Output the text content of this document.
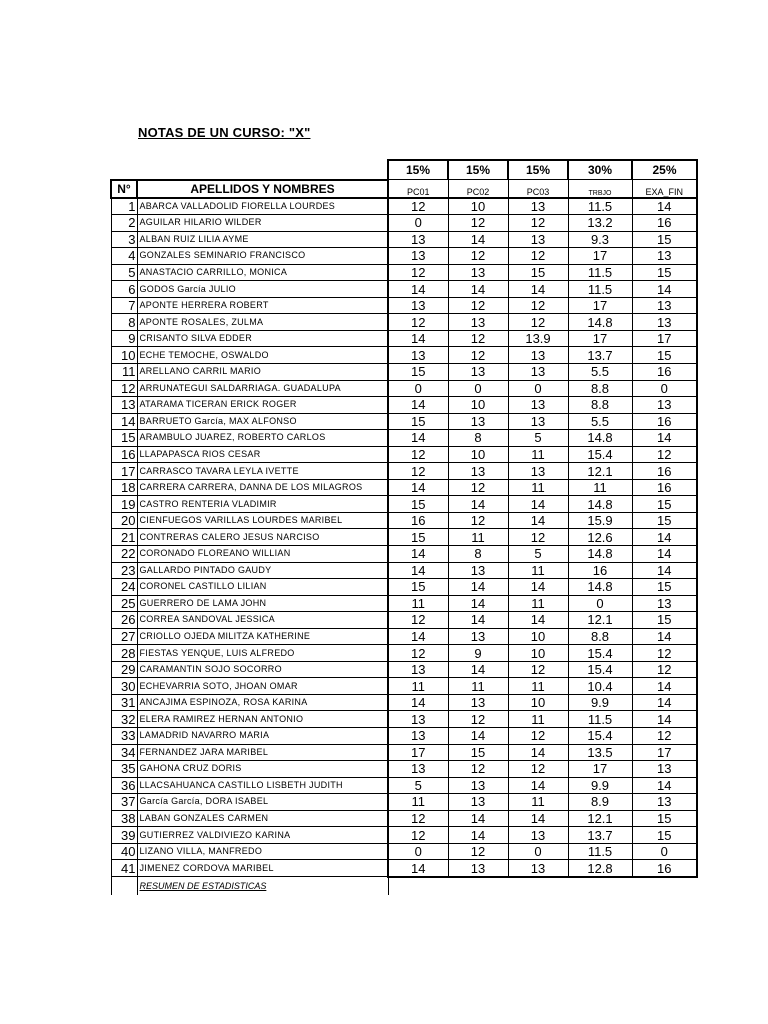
NOTAS DE UN CURSO: "X"
		15%	15%	15%	30%	25%
N°	APELLIDOS Y NOMBRES	PC01	PC02	PC03	TRBJO	EXA_FIN
1	ABARCA VALLADOLID FIORELLA LOURDES	12	10	13	11.5	14
2	AGUILAR HILARIO WILDER	0	12	12	13.2	16
3	ALBAN RUIZ LILIA AYME	13	14	13	9.3	15
4	GONZALES SEMINARIO FRANCISCO	13	12	12	17	13
5	ANASTACIO CARRILLO, MONICA	12	13	15	11.5	15
6	GODOS García JULIO	14	14	14	11.5	14
7	APONTE HERRERA ROBERT	13	12	12	17	13
8	APONTE ROSALES, ZULMA	12	13	12	14.8	13
9	CRISANTO SILVA EDDER	14	12	13.9	17	17
10	ECHE TEMOCHE, OSWALDO	13	12	13	13.7	15
11	ARELLANO CARRIL MARIO	15	13	13	5.5	16
12	ARRUNATEGUI SALDARRIAGA. GUADALUPA	0	0	0	8.8	0
13	ATARAMA TICERAN ERICK ROGER	14	10	13	8.8	13
14	BARRUETO García, MAX ALFONSO	15	13	13	5.5	16
15	ARAMBULO JUAREZ, ROBERTO CARLOS	14	8	5	14.8	14
16	LLAPAPASCA RIOS CESAR	12	10	11	15.4	12
17	CARRASCO TAVARA LEYLA IVETTE	12	13	13	12.1	16
18	CARRERA CARRERA, DANNA DE LOS MILAGROS	14	12	11	11	16
19	CASTRO RENTERIA VLADIMIR	15	14	14	14.8	15
20	CIENFUEGOS VARILLAS LOURDES MARIBEL	16	12	14	15.9	15
21	CONTRERAS CALERO JESUS NARCISO	15	11	12	12.6	14
22	CORONADO FLOREANO WILLIAN	14	8	5	14.8	14
23	GALLARDO PINTADO GAUDY	14	13	11	16	14
24	CORONEL CASTILLO LILIAN	15	14	14	14.8	15
25	GUERRERO DE LAMA JOHN	11	14	11	0	13
26	CORREA SANDOVAL JESSICA	12	14	14	12.1	15
27	CRIOLLO OJEDA MILITZA KATHERINE	14	13	10	8.8	14
28	FIESTAS YENQUE, LUIS ALFREDO	12	9	10	15.4	12
29	CARAMANTIN SOJO SOCORRO	13	14	12	15.4	12
30	ECHEVARRIA SOTO, JHOAN OMAR	11	11	11	10.4	14
31	ANCAJIMA ESPINOZA, ROSA KARINA	14	13	10	9.9	14
32	ELERA RAMIREZ HERNAN ANTONIO	13	12	11	11.5	14
33	LAMADRID NAVARRO MARIA	13	14	12	15.4	12
34	FERNANDEZ JARA MARIBEL	17	15	14	13.5	17
35	GAHONA CRUZ DORIS	13	12	12	17	13
36	LLACSAHUANCA CASTILLO LISBETH JUDITH	5	13	14	9.9	14
37	García García, DORA ISABEL	11	13	11	8.9	13
38	LABAN GONZALES CARMEN	12	14	14	12.1	15
39	GUTIERREZ VALDIVIEZO KARINA	12	14	13	13.7	15
40	LIZANO VILLA, MANFREDO	0	12	0	11.5	0
41	JIMENEZ CORDOVA MARIBEL	14	13	13	12.8	16
	RESUMEN DE ESTADISTICAS					
